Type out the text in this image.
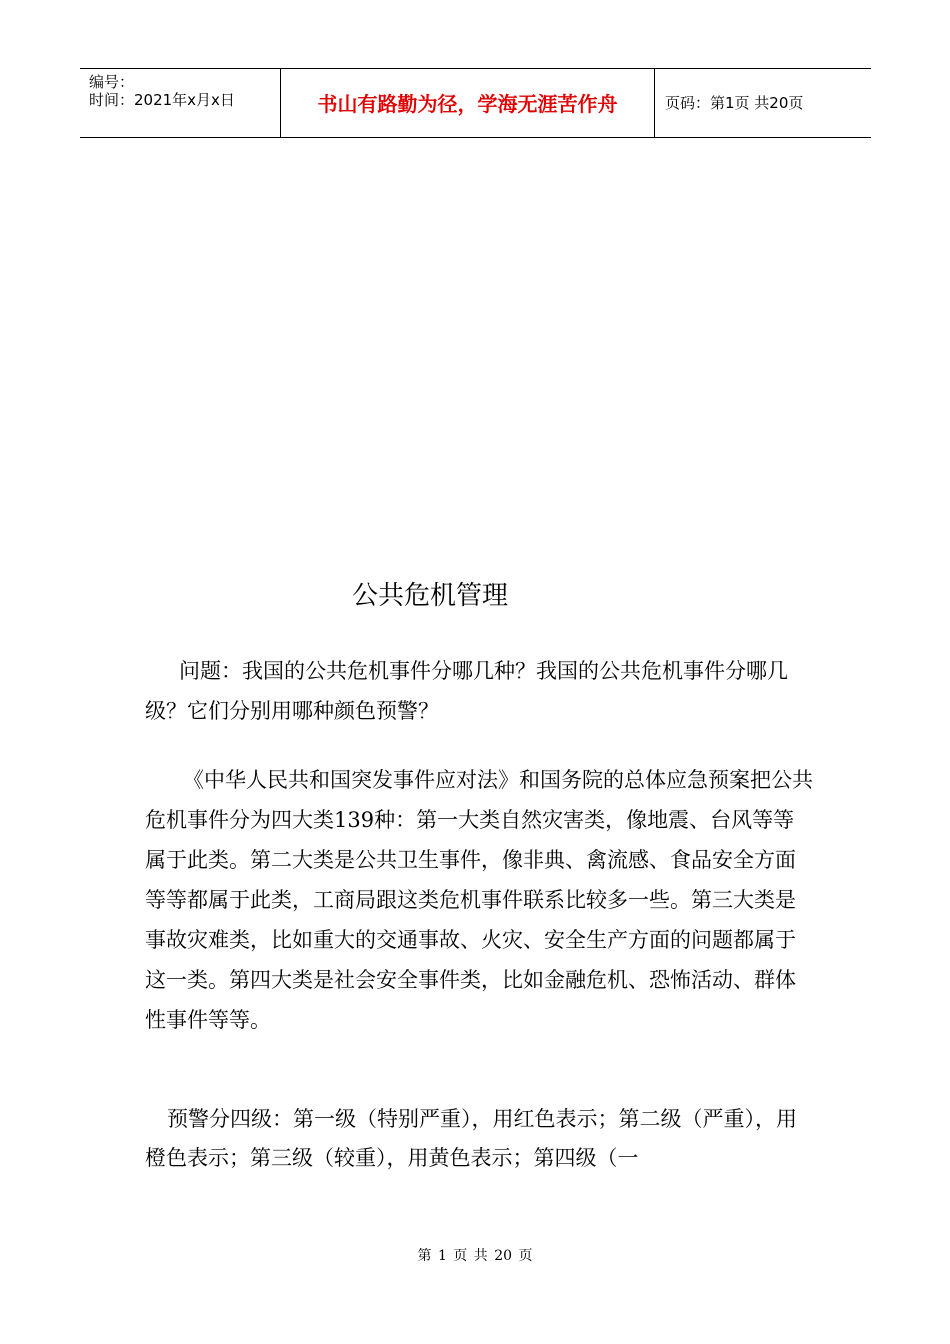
编号：
时间：2021年x月x日	书山有路勤为径，学海无涯苦作舟	页码：第1页 共20页
公共危机管理
问题：我国的公共危机事件分哪几种？我国的公共危机事件分哪几级？它们分别用哪种颜色预警？
《中华人民共和国突发事件应对法》和国务院的总体应急预案把公共危机事件分为四大类139种：第一大类自然灾害类，像地震、台风等等属于此类。第二大类是公共卫生事件，像非典、禽流感、食品安全方面等等都属于此类，工商局跟这类危机事件联系比较多一些。第三大类是事故灾难类，比如重大的交通事故、火灾、安全生产方面的问题都属于这一类。第四大类是社会安全事件类，比如金融危机、恐怖活动、群体性事件等等。
预警分四级：第一级（特别严重），用红色表示；第二级（严重），用橙色表示；第三级（较重），用黄色表示；第四级（一
第 1 页 共 20 页
